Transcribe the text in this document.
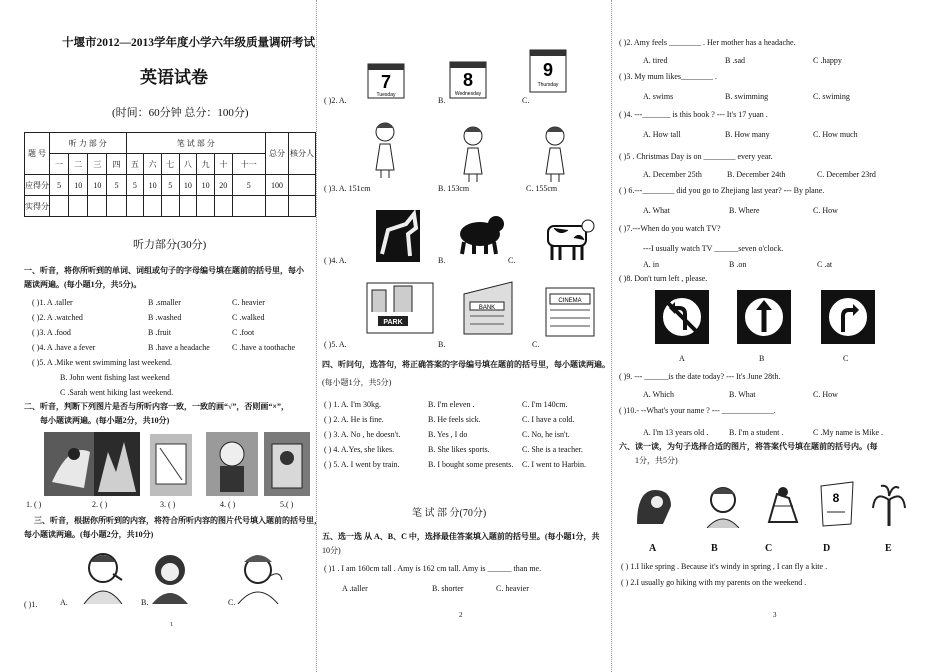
十堰市2012—2013学年度小学六年级质量调研考试
英语试卷
(时间：60分钟 总分：100分)
题 号	听 力 部 分				笔 试 部 分							总分	核分人
	一	二	三	四	五	六	七	八	九	十	十一		
应得分	5	10	10	5	5	10	5	10	10	20	5	100	
实得分													
听力部分(30分)
一、听音，将你所听到的单词、词组或句子的字母编号填在题前的括号里，每小
题读两遍。(每小题1分，共5分)。
( )1. A .taller	B .smaller	C. heavier
( )2. A .watched	B .washed	C .walked
( )3. A .food	B .fruit	C .foot
( )4. A .have a fever	B .have a headache	C .have a toothache
( )5. A .Mike went swimming last weekend.
B. John went fishing last weekend
C .Sarah went hiking last weekend.
二、听音，判断下列图片是否与所听内容一致，一致的画“√”，否则画“×”，
每小题读两遍。(每小题2分，共10分)
1. ( )	2. ( )	3. ( )	4. ( )	5.( )
三、听音，根据你所听到的内容，将符合所听内容的图片代号填入题前的括号里，
每小题读两遍。(每小题2分，共10分)
( )1.	A.	B.	C.
1
7
Tuesday
8
Wednesday
9
Thursday
( )2. A.	B.	C.
( )3. A. 151cm	B. 153cm	C. 155cm
( )4. A.	B.	C.
PARK
BANK
CINEMA
( )5. A.	B.	C.
四、听问句，选答句，将正确答案的字母编号填在题前的括号里，每小题读两遍。
(每小题1分，共5分)
( ) 1. A. I'm 30kg.	B. I'm eleven .	C. I'm 140cm.
( ) 2. A. He is fine.	B. He feels sick.	C. I have a cold.
( ) 3. A. No , he doesn't.	B. Yes , I do	C. No, he isn't.
( ) 4. A.Yes, she likes.	B. She likes sports.	C. She is a teacher.
( ) 5. A. I went by train.	B. I bought some presents. C. I went to Harbin.
笔 试 部 分(70分)
五、选一选 从 A、B、C 中，选择最佳答案填入题前的括号里。(每小题1分，共
10分)
( )1 . I am 160cm tall . Amy is 162 cm tall. Amy is ______ than me.
A .taller	B. shorter	C. heavier
2
( )2. Amy feels ________ . Her mother has a headache.
A. tired	B .sad	C .happy
( )3. My mum likes________ .
A. swims	B. swimming	C. swiming
( )4. ---_______ is this book ? --- It's 17 yuan .
A. How tall	B. How many	C. How much
( )5 . Christmas Day is on ________ every year.
A. December 25th	B. December 24th	C. December 23rd
( ) 6.---________ did you go to Zhejiang last year? --- By plane.
A. What	B. Where	C. How
( )7.---When do you watch TV?
---I usually watch TV ______seven o'clock.
A. in	B .on	C .at
( )8. Don't turn left , please.
A	B	C
( )9. --- ______is the date today? --- It's June 28th.
A. Which	B. What	C. How
( )10.- --What's your name ? --- _____________.
A. I'm 13 years old .	B. I'm a student .	C .My name is Mike .
六、读一读，为句子选择合适的图片，将答案代号填在题前的括号内。(每
1分，共5分)
8
A	B	C	D	E
( ) 1.I like spring . Because it's windy in spring , I can fly a kite .
( ) 2.I usually go hiking with my parents on the weekend .
3
